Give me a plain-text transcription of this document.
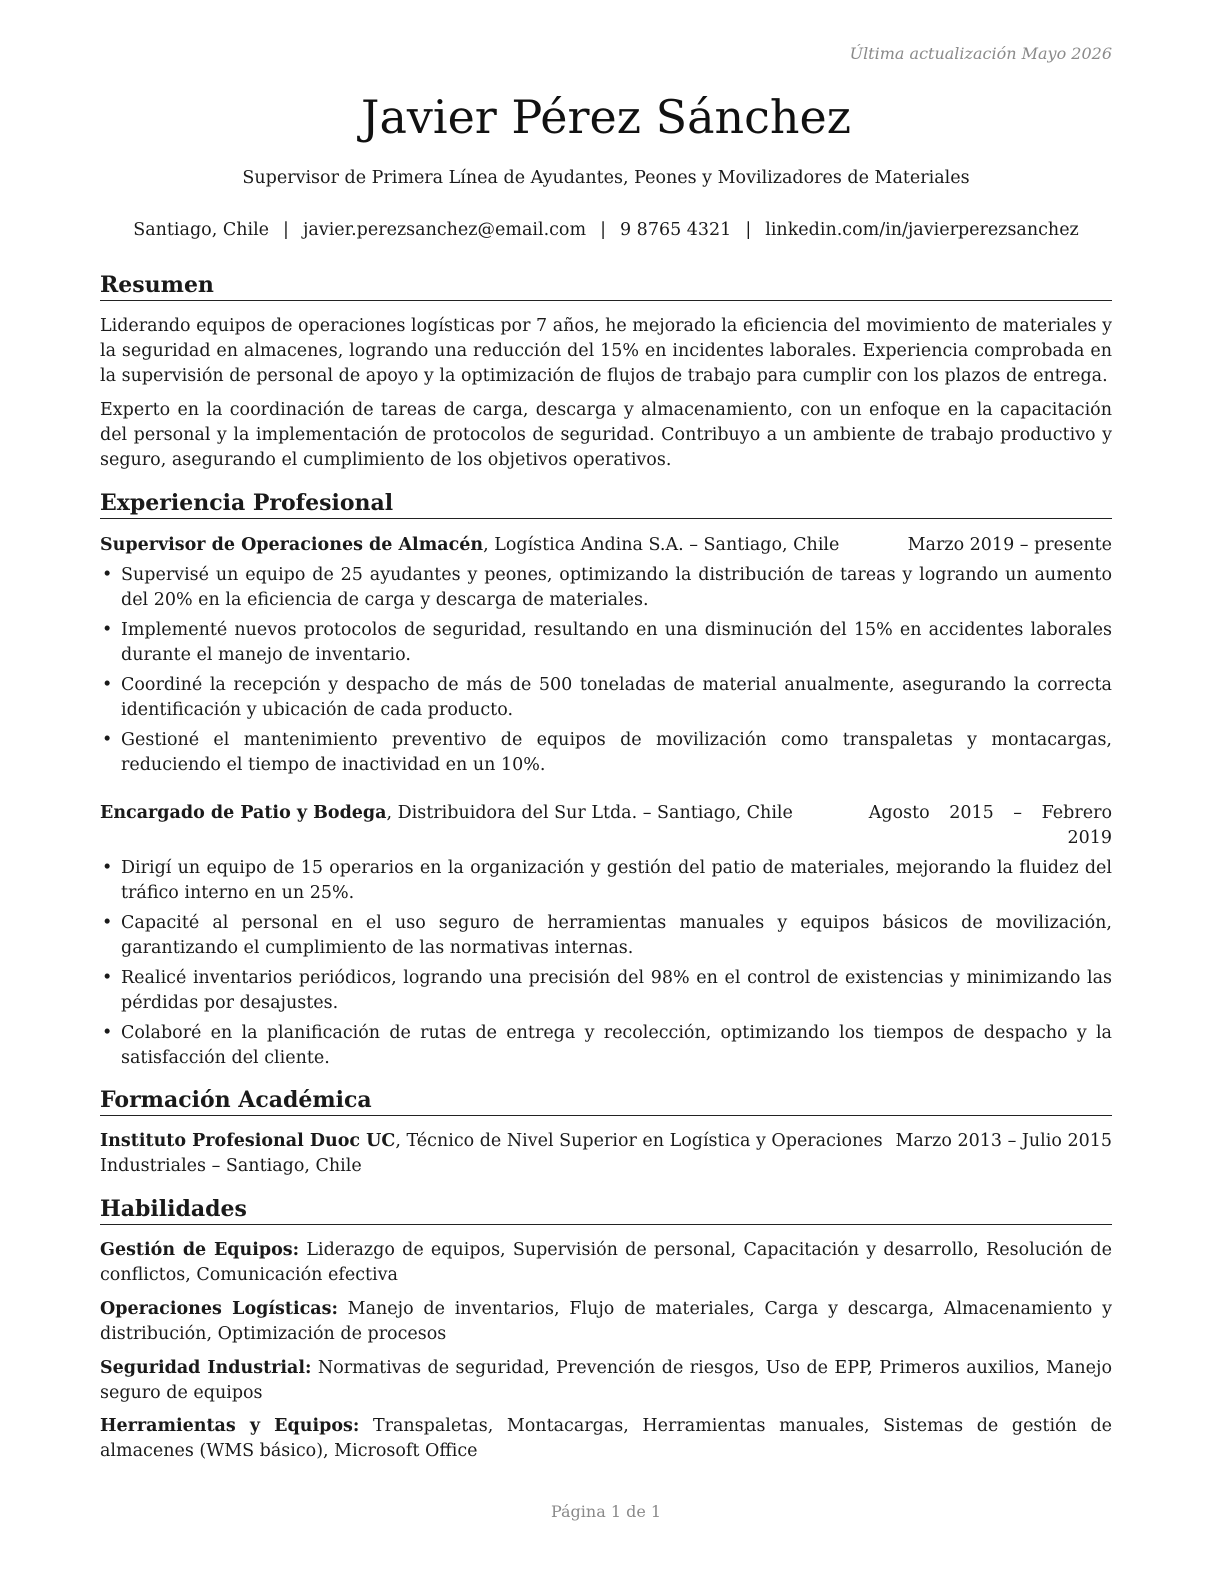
Última actualización Mayo 2026
Javier Pérez Sánchez
Supervisor de Primera Línea de Ayudantes, Peones y Movilizadores de Materiales
Santiago, Chile | javier.perezsanchez@email.com | 9 8765 4321 | linkedin.com/in/javierperezsanchez
Resumen

Liderando equipos de operaciones logísticas por 7 años, he mejorado la eficiencia del movimiento de materiales y la seguridad en almacenes, logrando una reducción del 15% en incidentes laborales. Experiencia comprobada en la supervisión de personal de apoyo y la optimización de flujos de trabajo para cumplir con los plazos de entrega.

Experto en la coordinación de tareas de carga, descarga y almacenamiento, con un enfoque en la capacitación del personal y la implementación de protocolos de seguridad. Contribuyo a un ambiente de trabajo productivo y seguro, asegurando el cumplimiento de los objetivos operativos.

Experiencia Profesional
Supervisor de Operaciones de Almacén, Logística Andina S.A. – Santiago, Chile	Marzo 2019 – presente
• Supervisé un equipo de 25 ayudantes y peones, optimizando la distribución de tareas y logrando un aumento del 20% en la eficiencia de carga y descarga de materiales.
• Implementé nuevos protocolos de seguridad, resultando en una disminución del 15% en accidentes laborales durante el manejo de inventario.
• Coordiné la recepción y despacho de más de 500 toneladas de material anualmente, asegurando la correcta identificación y ubicación de cada producto.
• Gestioné el mantenimiento preventivo de equipos de movilización como transpaletas y montacargas, reduciendo el tiempo de inactividad en un 10%.
Encargado de Patio y Bodega, Distribuidora del Sur Ltda. – Santiago, Chile	Agosto 2015 – Febrero
2019
• Dirigí un equipo de 15 operarios en la organización y gestión del patio de materiales, mejorando la fluidez del tráfico interno en un 25%.
• Capacité al personal en el uso seguro de herramientas manuales y equipos básicos de movilización, garantizando el cumplimiento de las normativas internas.
• Realicé inventarios periódicos, logrando una precisión del 98% en el control de existencias y minimizando las pérdidas por desajustes.
• Colaboré en la planificación de rutas de entrega y recolección, optimizando los tiempos de despacho y la satisfacción del cliente.
Formación Académica
Instituto Profesional Duoc UC, Técnico de Nivel Superior en Logística y Operaciones
Industriales – Santiago, Chile
Marzo 2013 – Julio 2015
Habilidades

Gestión de Equipos: Liderazgo de equipos, Supervisión de personal, Capacitación y desarrollo, Resolución de conflictos, Comunicación efectiva

Operaciones Logísticas: Manejo de inventarios, Flujo de materiales, Carga y descarga, Almacenamiento y distribución, Optimización de procesos

Seguridad Industrial: Normativas de seguridad, Prevención de riesgos, Uso de EPP, Primeros auxilios, Manejo seguro de equipos

Herramientas y Equipos: Transpaletas, Montacargas, Herramientas manuales, Sistemas de gestión de almacenes (WMS básico), Microsoft Office

Página 1 de 1
